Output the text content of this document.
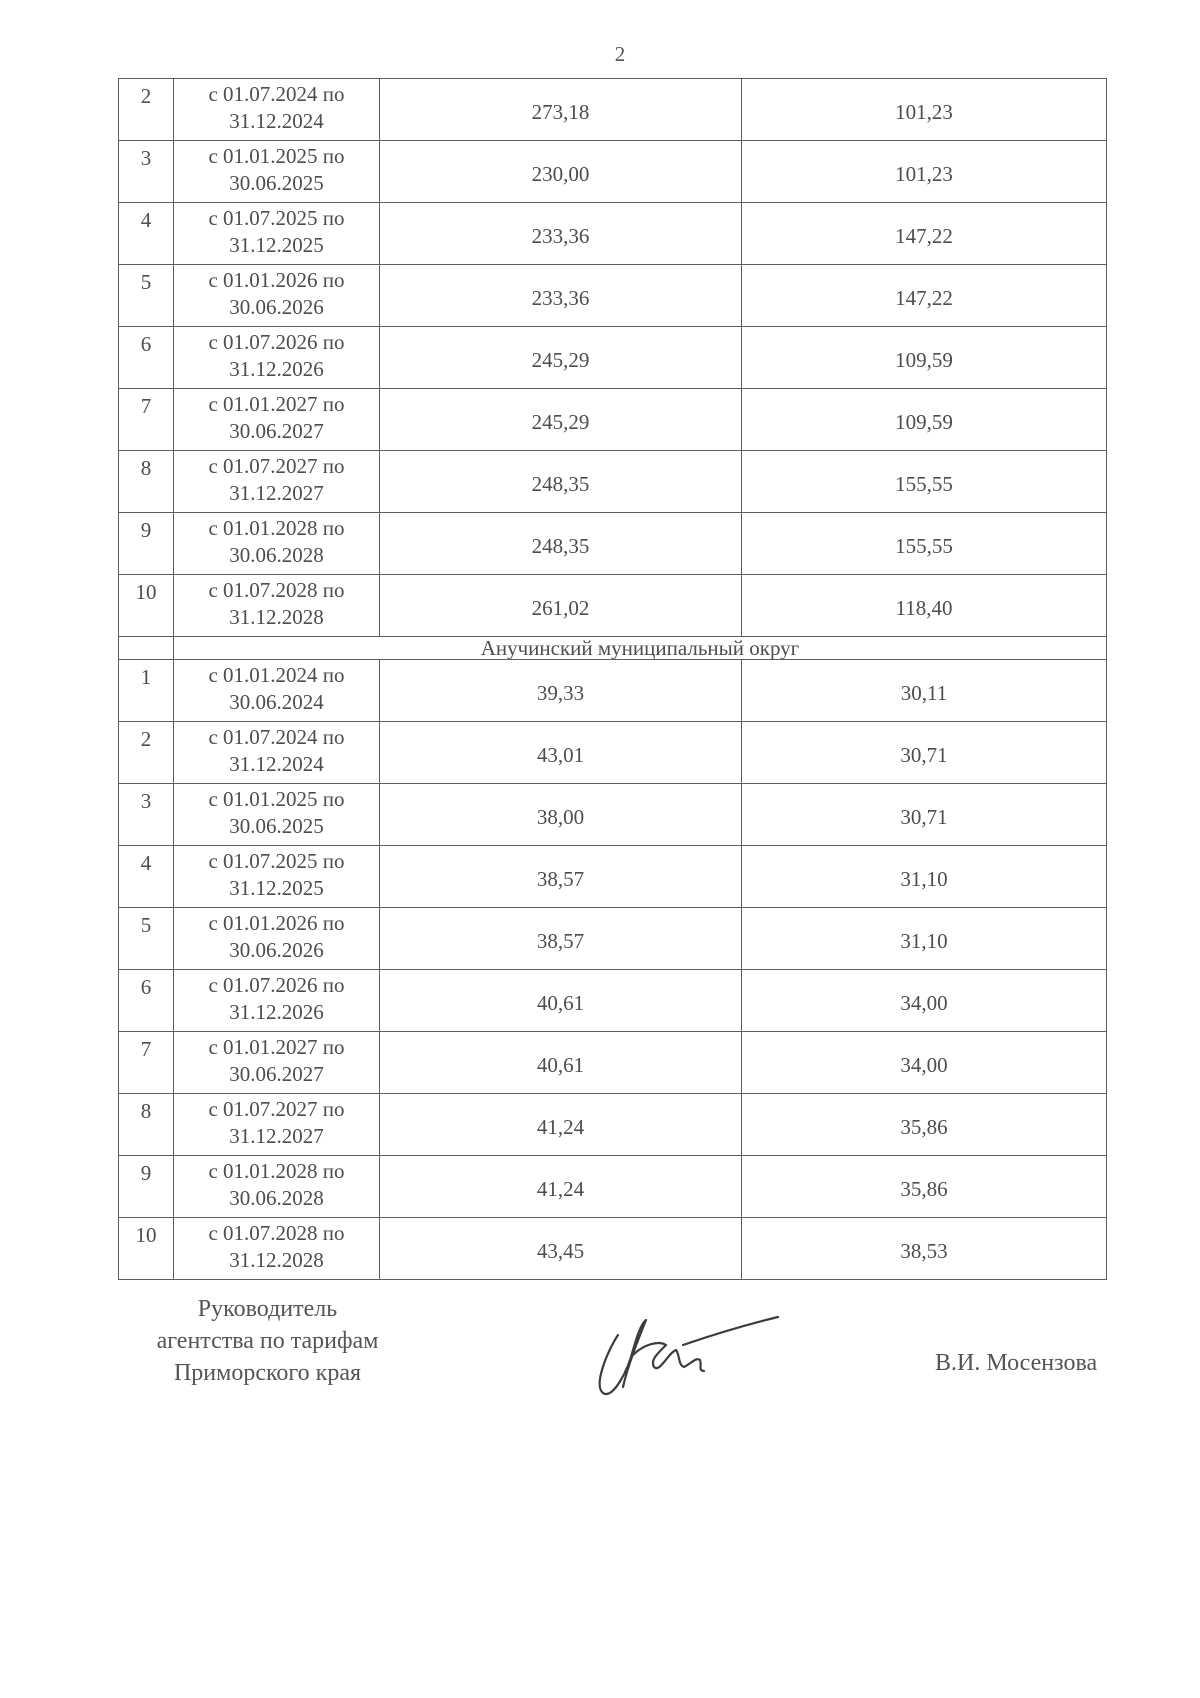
2
2	с 01.07.2024 по
31.12.2024	273,18	101,23
3	с 01.01.2025 по
30.06.2025	230,00	101,23
4	с 01.07.2025 по
31.12.2025	233,36	147,22
5	с 01.01.2026 по
30.06.2026	233,36	147,22
6	с 01.07.2026 по
31.12.2026	245,29	109,59
7	с 01.01.2027 по
30.06.2027	245,29	109,59
8	с 01.07.2027 по
31.12.2027	248,35	155,55
9	с 01.01.2028 по
30.06.2028	248,35	155,55
10	с 01.07.2028 по
31.12.2028	261,02	118,40
	Анучинский муниципальный округ		
1	с 01.01.2024 по
30.06.2024	39,33	30,11
2	с 01.07.2024 по
31.12.2024	43,01	30,71
3	с 01.01.2025 по
30.06.2025	38,00	30,71
4	с 01.07.2025 по
31.12.2025	38,57	31,10
5	с 01.01.2026 по
30.06.2026	38,57	31,10
6	с 01.07.2026 по
31.12.2026	40,61	34,00
7	с 01.01.2027 по
30.06.2027	40,61	34,00
8	с 01.07.2027 по
31.12.2027	41,24	35,86
9	с 01.01.2028 по
30.06.2028	41,24	35,86
10	с 01.07.2028 по
31.12.2028	43,45	38,53
Руководитель
агентства по тарифам
Приморского края	В.И. Мосензова
